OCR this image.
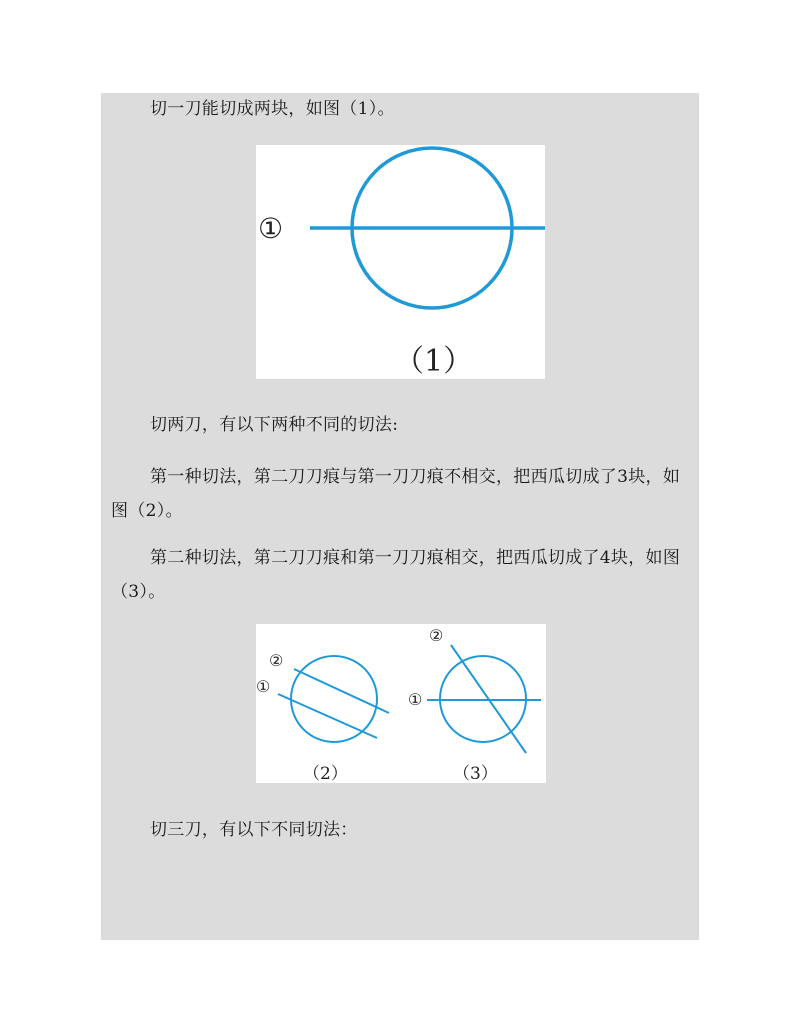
切一刀能切成两块，如图（1）。

①
（1）

切两刀，有以下两种不同的切法:

第一种切法，第二刀刀痕与第一刀刀痕不相交，把西瓜切成了3块，如图（2）。

第二种切法，第二刀刀痕和第一刀刀痕相交，把西瓜切成了4块，如图（3）。

②
①
（2）
②
①
（3）

切三刀，有以下不同切法：
